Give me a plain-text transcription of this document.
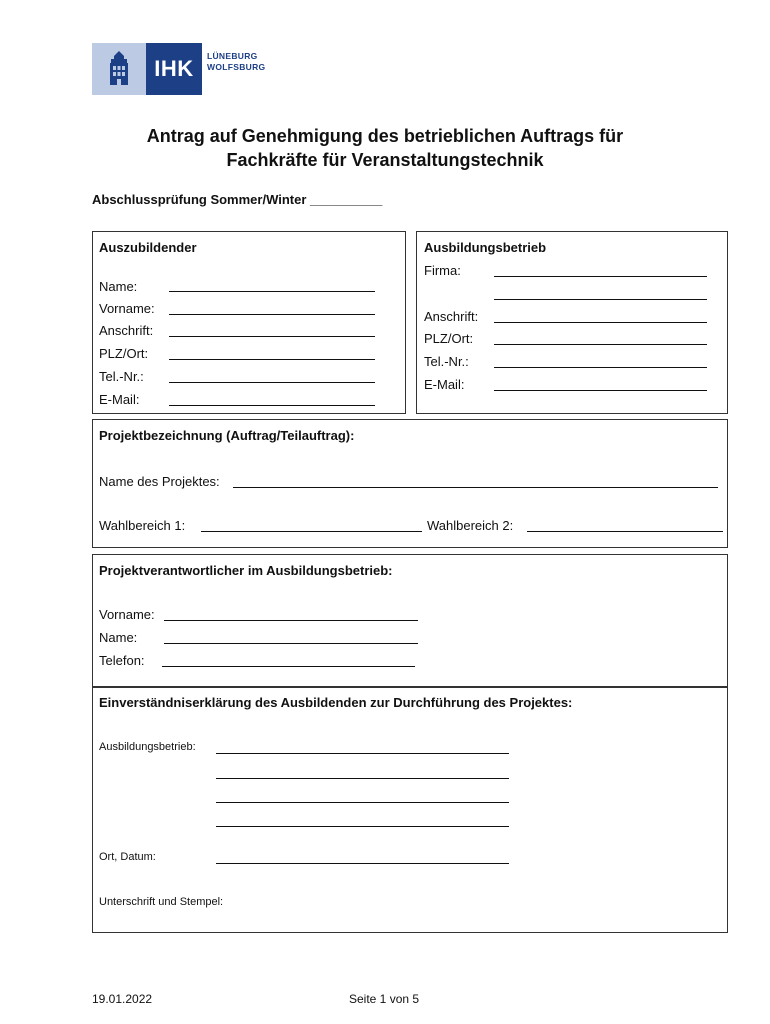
IHK	LÜNEBURG
WOLFSBURG
Antrag auf Genehmigung des betrieblichen Auftrags für
Fachkräfte für Veranstaltungstechnik
Abschlussprüfung Sommer/Winter __________
Auszubildender
Name:
Vorname:
Anschrift:
PLZ/Ort:
Tel.-Nr.:
E-Mail:
Ausbildungsbetrieb
Firma:
Anschrift:
PLZ/Ort:
Tel.-Nr.:
E-Mail:
Projektbezeichnung (Auftrag/Teilauftrag):
Name des Projektes:
Wahlbereich 1:	Wahlbereich 2:
Projektverantwortlicher im Ausbildungsbetrieb:
Vorname:
Name:
Telefon:
Einverständniserklärung des Ausbildenden zur Durchführung des Projektes:
Ausbildungsbetrieb:
Ort, Datum:
Unterschrift und Stempel:
19.01.2022	Seite 1 von 5
